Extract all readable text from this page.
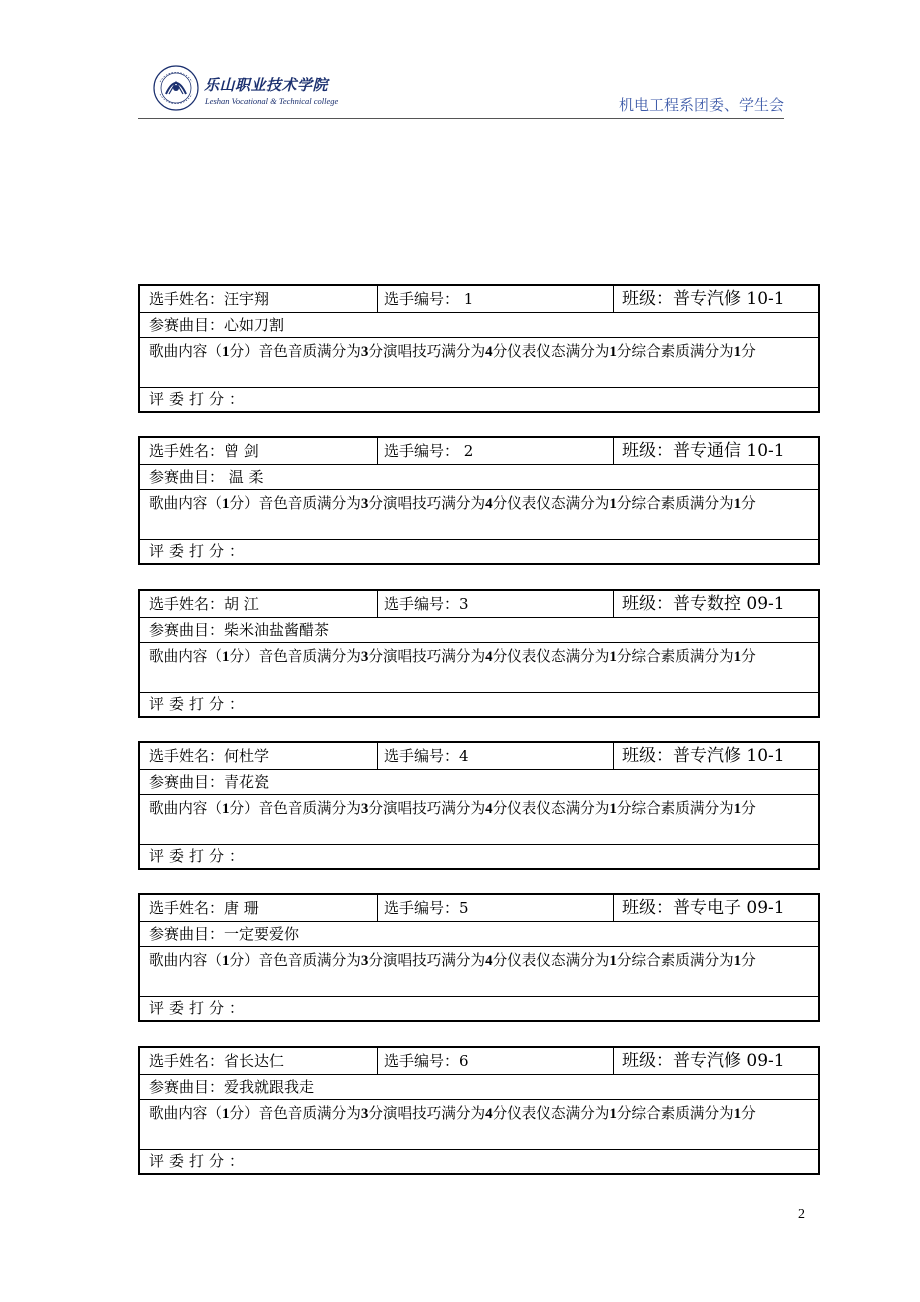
乐山职业技术学院
Leshan Vocational & Technical college	机电工程系团委、学生会
选手姓名：汪宇翔	选手编号： 1	班级：普专汽修 10-1
参赛曲目：心如刀割
歌曲内容（1分）音色音质满分为3分演唱技巧满分为4分仪表仪态满分为1分综合素质满分为1分
评委打分：
选手姓名：曾 剑	选手编号： 2	班级：普专通信 10-1
参赛曲目： 温 柔
歌曲内容（1分）音色音质满分为3分演唱技巧满分为4分仪表仪态满分为1分综合素质满分为1分
评委打分：
选手姓名：胡 江	选手编号：3	班级：普专数控 09-1
参赛曲目：柴米油盐酱醋茶
歌曲内容（1分）音色音质满分为3分演唱技巧满分为4分仪表仪态满分为1分综合素质满分为1分
评委打分：
选手姓名：何杜学	选手编号：4	班级：普专汽修 10-1
参赛曲目：青花瓷
歌曲内容（1分）音色音质满分为3分演唱技巧满分为4分仪表仪态满分为1分综合素质满分为1分
评委打分：
选手姓名：唐 珊	选手编号：5	班级：普专电子 09-1
参赛曲目：一定要爱你
歌曲内容（1分）音色音质满分为3分演唱技巧满分为4分仪表仪态满分为1分综合素质满分为1分
评委打分：
选手姓名：省长达仁	选手编号：6	班级：普专汽修 09-1
参赛曲目：爱我就跟我走
歌曲内容（1分）音色音质满分为3分演唱技巧满分为4分仪表仪态满分为1分综合素质满分为1分
评委打分：
2
